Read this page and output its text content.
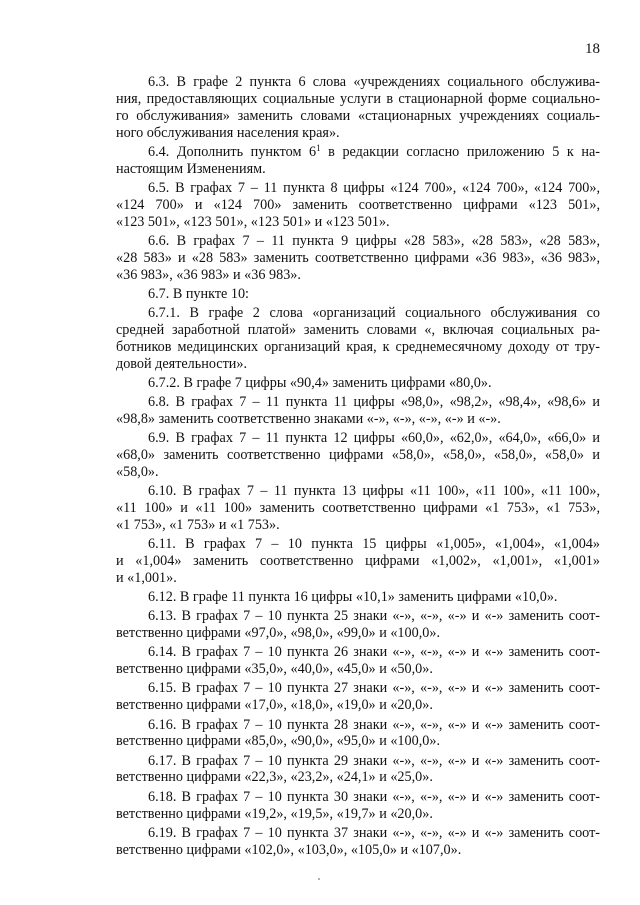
18
6.3. В графе 2 пункта 6 слова «учреждениях социального обслужива-
ния, предоставляющих социальные услуги в стационарной форме социально-
го обслуживания» заменить словами «стационарных учреждениях социаль-
ного обслуживания населения края».
6.4. Дополнить пунктом $6^1$ в редакции согласно приложению 5 к на-
настоящим Изменениям.
6.5. В графах 7 – 11 пункта 8 цифры «124 700», «124 700», «124 700»,
«124 700» и «124 700» заменить соответственно цифрами «123 501»,
«123 501», «123 501», «123 501» и «123 501».
6.6. В графах 7 – 11 пункта 9 цифры «28 583», «28 583», «28 583»,
«28 583» и «28 583» заменить соответственно цифрами «36 983», «36 983»,
«36 983», «36 983» и «36 983».
6.7. В пункте 10:
6.7.1. В графе 2 слова «организаций социального обслуживания со
средней заработной платой» заменить словами «, включая социальных ра-
ботников медицинских организаций края, к среднемесячному доходу от тру-
довой деятельности».
6.7.2. В графе 7 цифры «90,4» заменить цифрами «80,0».
6.8. В графах 7 – 11 пункта 11 цифры «98,0», «98,2», «98,4», «98,6» и
«98,8» заменить соответственно знаками «-», «-», «-», «-» и «-».
6.9. В графах 7 – 11 пункта 12 цифры «60,0», «62,0», «64,0», «66,0» и
«68,0» заменить соответственно цифрами «58,0», «58,0», «58,0», «58,0» и
«58,0».
6.10. В графах 7 – 11 пункта 13 цифры «11 100», «11 100», «11 100»,
«11 100» и «11 100» заменить соответственно цифрами «1 753», «1 753»,
«1 753», «1 753» и «1 753».
6.11. В графах 7 – 10 пункта 15 цифры «1,005», «1,004», «1,004»
и «1,004» заменить соответственно цифрами «1,002», «1,001», «1,001»
и «1,001».
6.12. В графе 11 пункта 16 цифры «10,1» заменить цифрами «10,0».
6.13. В графах 7 – 10 пункта 25 знаки «-», «-», «-» и «-» заменить соот-
ветственно цифрами «97,0», «98,0», «99,0» и «100,0».
6.14. В графах 7 – 10 пункта 26 знаки «-», «-», «-» и «-» заменить соот-
ветственно цифрами «35,0», «40,0», «45,0» и «50,0».
6.15. В графах 7 – 10 пункта 27 знаки «-», «-», «-» и «-» заменить соот-
ветственно цифрами «17,0», «18,0», «19,0» и «20,0».
6.16. В графах 7 – 10 пункта 28 знаки «-», «-», «-» и «-» заменить соот-
ветственно цифрами «85,0», «90,0», «95,0» и «100,0».
6.17. В графах 7 – 10 пункта 29 знаки «-», «-», «-» и «-» заменить соот-
ветственно цифрами «22,3», «23,2», «24,1» и «25,0».
6.18. В графах 7 – 10 пункта 30 знаки «-», «-», «-» и «-» заменить соот-
ветственно цифрами «19,2», «19,5», «19,7» и «20,0».
6.19. В графах 7 – 10 пункта 37 знаки «-», «-», «-» и «-» заменить соот-
ветственно цифрами «102,0», «103,0», «105,0» и «107,0».
